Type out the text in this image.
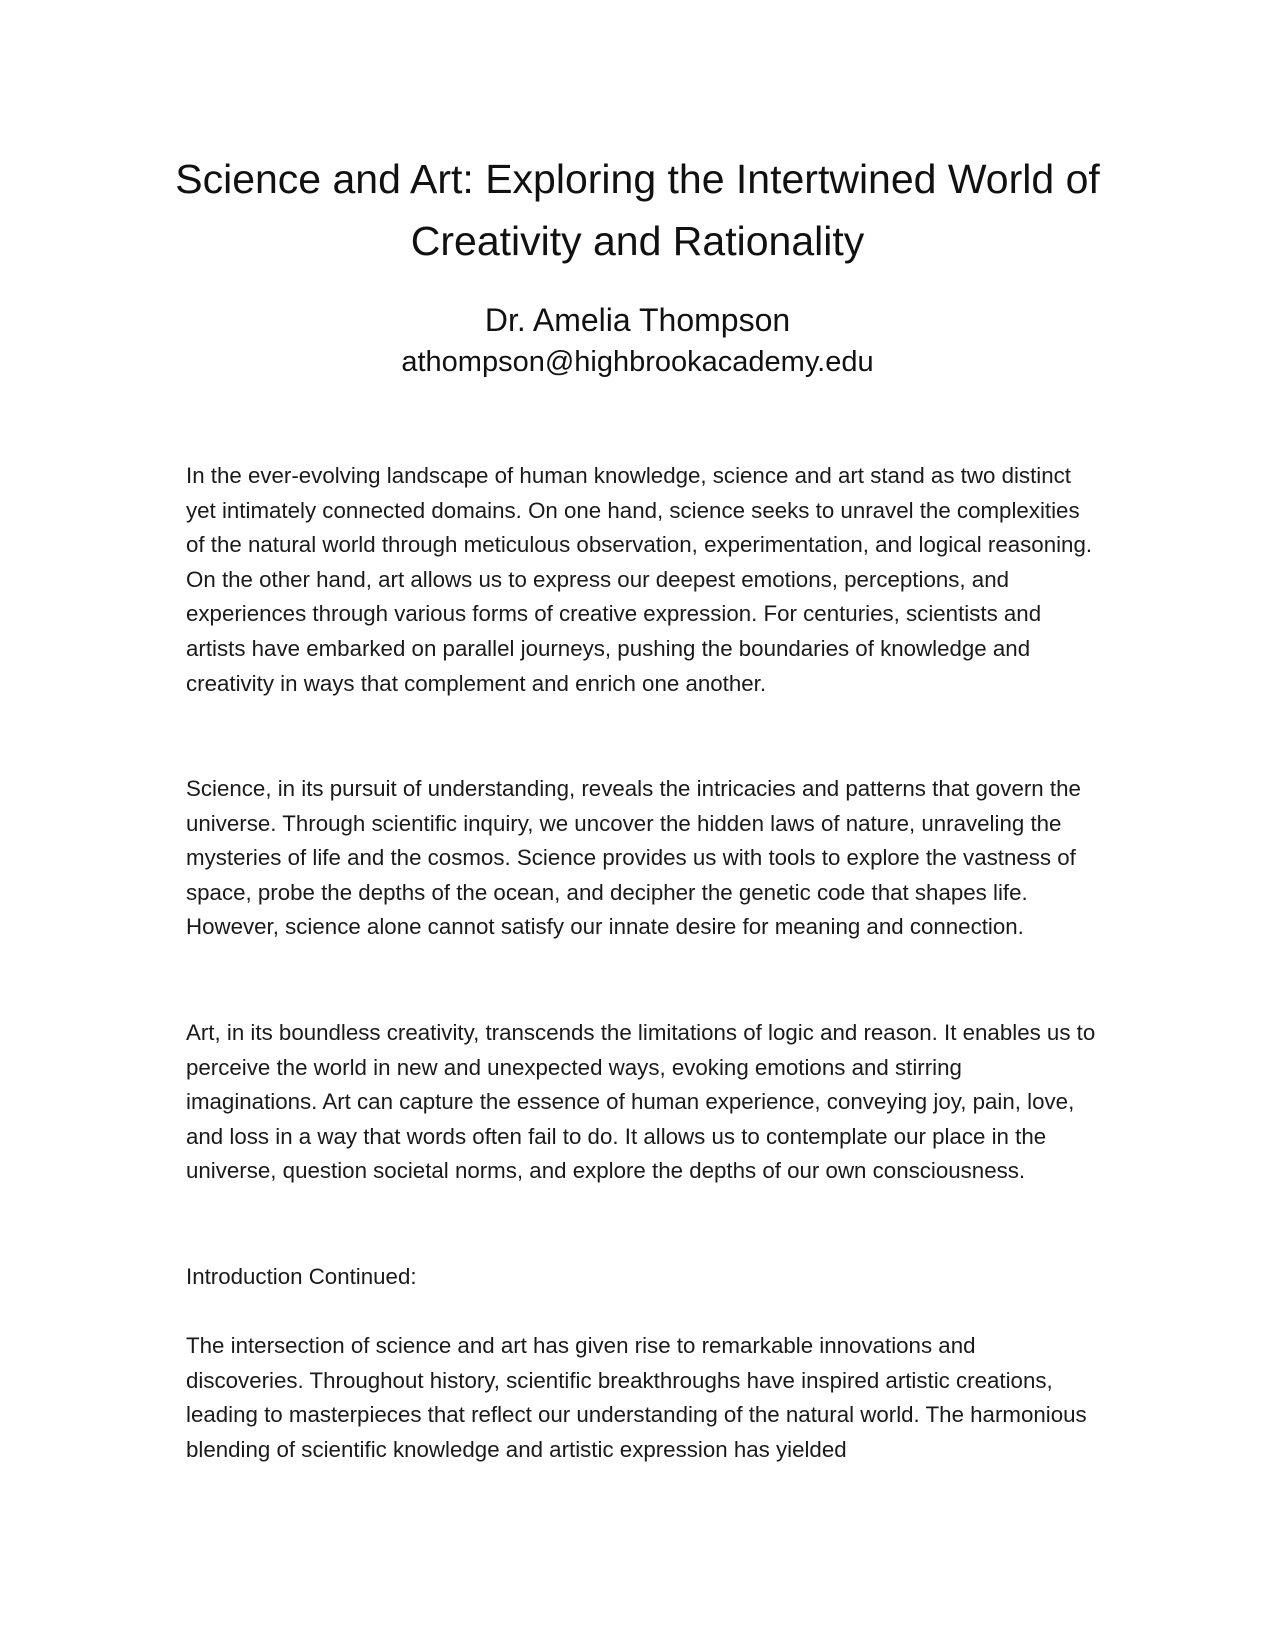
Science and Art: Exploring the Intertwined World of Creativity and Rationality
Dr. Amelia Thompson
athompson@highbrookacademy.edu

In the ever-evolving landscape of human knowledge, science and art stand as two distinct yet intimately connected domains. On one hand, science seeks to unravel the complexities of the natural world through meticulous observation, experimentation, and logical reasoning. On the other hand, art allows us to express our deepest emotions, perceptions, and experiences through various forms of creative expression. For centuries, scientists and artists have embarked on parallel journeys, pushing the boundaries of knowledge and creativity in ways that complement and enrich one another.

Science, in its pursuit of understanding, reveals the intricacies and patterns that govern the universe. Through scientific inquiry, we uncover the hidden laws of nature, unraveling the mysteries of life and the cosmos. Science provides us with tools to explore the vastness of space, probe the depths of the ocean, and decipher the genetic code that shapes life. However, science alone cannot satisfy our innate desire for meaning and connection.

Art, in its boundless creativity, transcends the limitations of logic and reason. It enables us to perceive the world in new and unexpected ways, evoking emotions and stirring imaginations. Art can capture the essence of human experience, conveying joy, pain, love, and loss in a way that words often fail to do. It allows us to contemplate our place in the universe, question societal norms, and explore the depths of our own consciousness.

Introduction Continued:

The intersection of science and art has given rise to remarkable innovations and discoveries. Throughout history, scientific breakthroughs have inspired artistic creations, leading to masterpieces that reflect our understanding of the natural world. The harmonious blending of scientific knowledge and artistic expression has yielded
